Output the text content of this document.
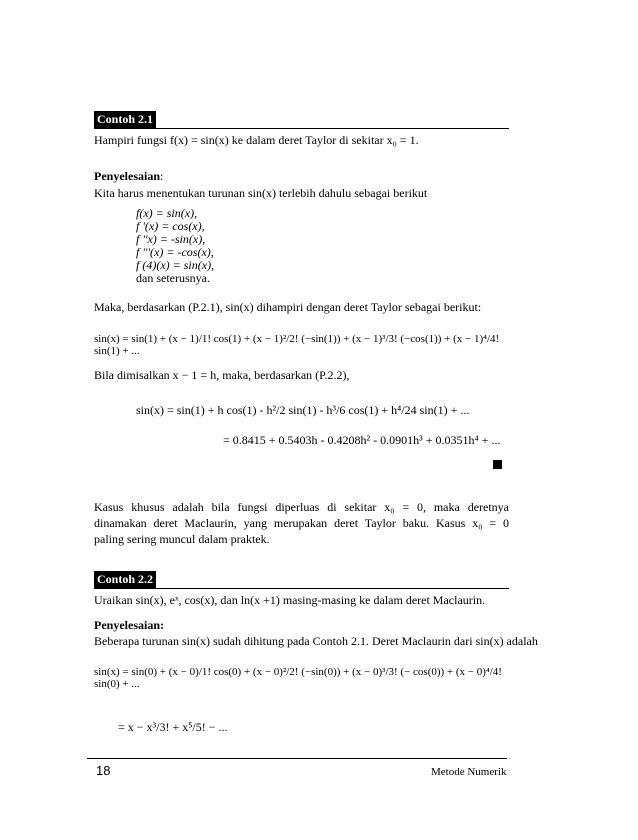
Contoh 2.1
Hampiri fungsi f(x) = sin(x) ke dalam deret Taylor di sekitar x₀ = 1.
Penyelesaian:
Kita harus menentukan turunan sin(x) terlebih dahulu sebagai berikut
f(x) = sin(x),
f '(x) = cos(x),
f ''x) = -sin(x),
f '''(x) = -cos(x),
f (4)(x) = sin(x),
dan seterusnya.
Maka, berdasarkan (P.2.1), sin(x) dihampiri dengan deret Taylor sebagai berikut:
sin(x) = sin(1) + (x − 1)/1! cos(1) + (x − 1)²/2! (−sin(1)) + (x − 1)³/3! (−cos(1)) + (x − 1)⁴/4! sin(1) + ...
Bila dimisalkan x − 1 = h, maka, berdasarkan (P.2.2),
sin(x) = sin(1) + h cos(1) - h²/2 sin(1) - h³/6 cos(1) + h⁴/24 sin(1) + ...
= 0.8415 + 0.5403h - 0.4208h² - 0.0901h³ + 0.0351h⁴ + ...
Kasus khusus adalah bila fungsi diperluas di sekitar x₀ = 0, maka deretnya
dinamakan deret Maclaurin, yang merupakan deret Taylor baku. Kasus x₀ = 0
paling sering muncul dalam praktek.
Contoh 2.2
Uraikan sin(x), eˣ, cos(x), dan ln(x +1) masing-masing ke dalam deret Maclaurin.
Penyelesaian:
Beberapa turunan sin(x) sudah dihitung pada Contoh 2.1. Deret Maclaurin dari sin(x) adalah
sin(x) = sin(0) + (x − 0)/1! cos(0) + (x − 0)²/2! (−sin(0)) + (x − 0)³/3! (− cos(0)) + (x − 0)⁴/4! sin(0) + ...
= x − x³/3! + x⁵/5! − ...
18	Metode Numerik
